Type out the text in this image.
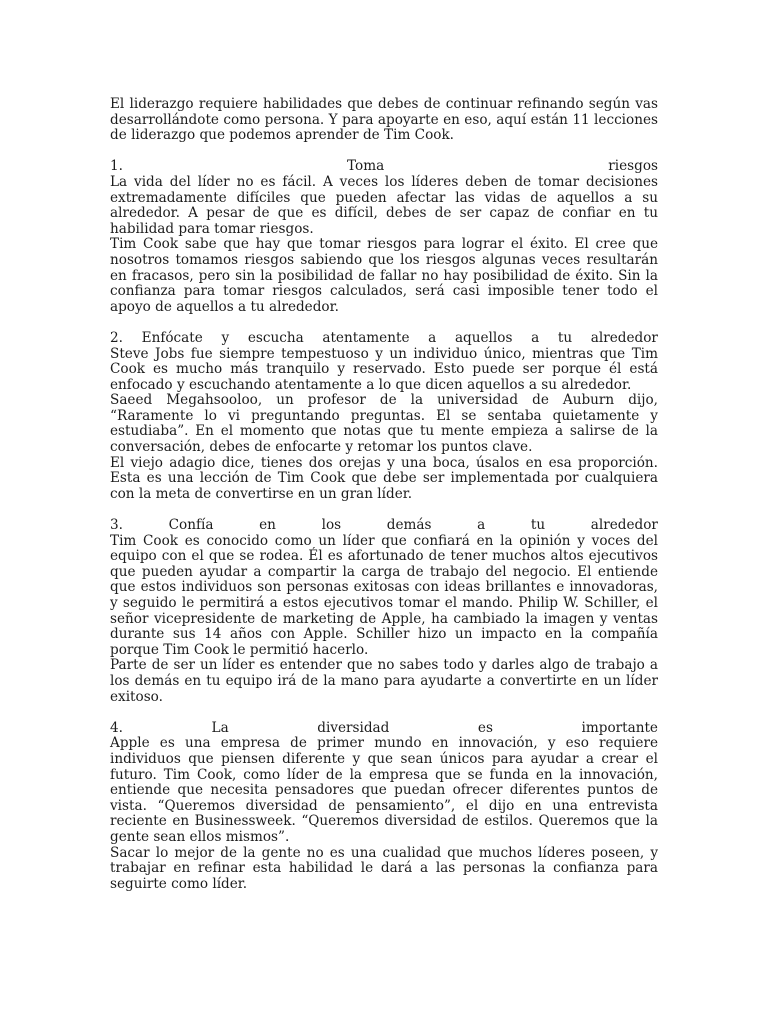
El liderazgo requiere habilidades que debes de continuar refinando según vas desarrollándote como persona. Y para apoyarte en eso, aquí están 11 lecciones de liderazgo que podemos aprender de Tim Cook.

1.	Toma	riesgos

La vida del líder no es fácil. A veces los líderes deben de tomar decisiones extremadamente difíciles que pueden afectar las vidas de aquellos a su alrededor. A pesar de que es difícil, debes de ser capaz de confiar en tu habilidad para tomar riesgos.

Tim Cook sabe que hay que tomar riesgos para lograr el éxito. El cree que nosotros tomamos riesgos sabiendo que los riesgos algunas veces resultarán en fracasos, pero sin la posibilidad de fallar no hay posibilidad de éxito. Sin la confianza para tomar riesgos calculados, será casi imposible tener todo el apoyo de aquellos a tu alrededor.

2. Enfócate y escucha atentamente a aquellos a tu alrededor

Steve Jobs fue siempre tempestuoso y un individuo único, mientras que Tim Cook es mucho más tranquilo y reservado. Esto puede ser porque él está enfocado y escuchando atentamente a lo que dicen aquellos a su alrededor.

Saeed Megahsooloo, un profesor de la universidad de Auburn dijo, “Raramente lo vi preguntando preguntas. El se sentaba quietamente y estudiaba”. En el momento que notas que tu mente empieza a salirse de la conversación, debes de enfocarte y retomar los puntos clave.

El viejo adagio dice, tienes dos orejas y una boca, úsalos en esa proporción. Esta es una lección de Tim Cook que debe ser implementada por cualquiera con la meta de convertirse en un gran líder.

3.	Confía	en	los	demás	a	tu	alrededor

Tim Cook es conocido como un líder que confiará en la opinión y voces del equipo con el que se rodea. Él es afortunado de tener muchos altos ejecutivos que pueden ayudar a compartir la carga de trabajo del negocio. El entiende que estos individuos son personas exitosas con ideas brillantes e innovadoras, y seguido le permitirá a estos ejecutivos tomar el mando. Philip W. Schiller, el señor vicepresidente de marketing de Apple, ha cambiado la imagen y ventas durante sus 14 años con Apple. Schiller hizo un impacto en la compañía porque Tim Cook le permitió hacerlo.

Parte de ser un líder es entender que no sabes todo y darles algo de trabajo a los demás en tu equipo irá de la mano para ayudarte a convertirte en un líder exitoso.

4.	La	diversidad	es	importante

Apple es una empresa de primer mundo en innovación, y eso requiere individuos que piensen diferente y que sean únicos para ayudar a crear el futuro. Tim Cook, como líder de la empresa que se funda en la innovación, entiende que necesita pensadores que puedan ofrecer diferentes puntos de vista. “Queremos diversidad de pensamiento”, el dijo en una entrevista reciente en Businessweek. “Queremos diversidad de estilos. Queremos que la gente sean ellos mismos”.

Sacar lo mejor de la gente no es una cualidad que muchos líderes poseen, y trabajar en refinar esta habilidad le dará a las personas la confianza para seguirte como líder.
